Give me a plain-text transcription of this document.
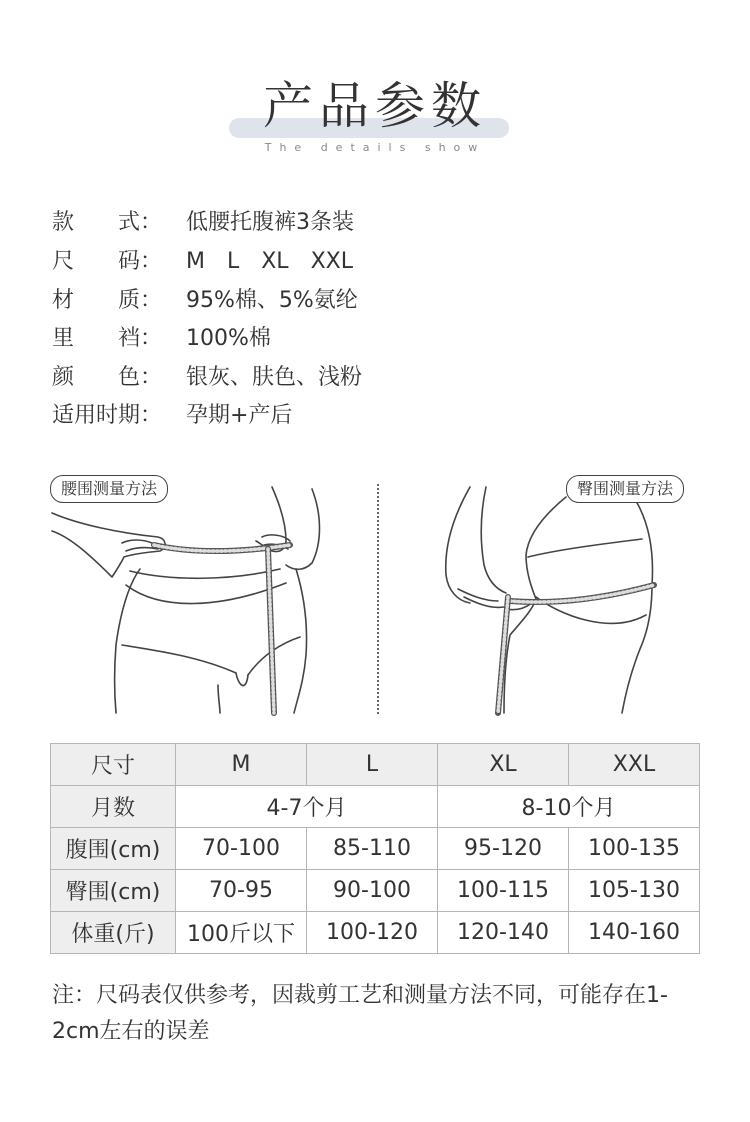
产品参数
The details show
款　　式： 低腰托腹裤3条装
尺　　码： M　L　XL　XXL
材　　质： 95%棉、5%氨纶
里　　裆： 100%棉
颜　　色： 银灰、肤色、浅粉
适用时期： 孕期+产后
腰围测量方法	臀围测量方法
尺寸	M	L	XL	XXL
月数	4-7个月		8-10个月	
腹围(cm)	70-100	85-110	95-120	100-135
臀围(cm)	70-95	90-100	100-115	105-130
体重(斤)	100斤以下	100-120	120-140	140-160
注：尺码表仅供参考，因裁剪工艺和测量方法不同，可能存在1-2cm左右的误差
